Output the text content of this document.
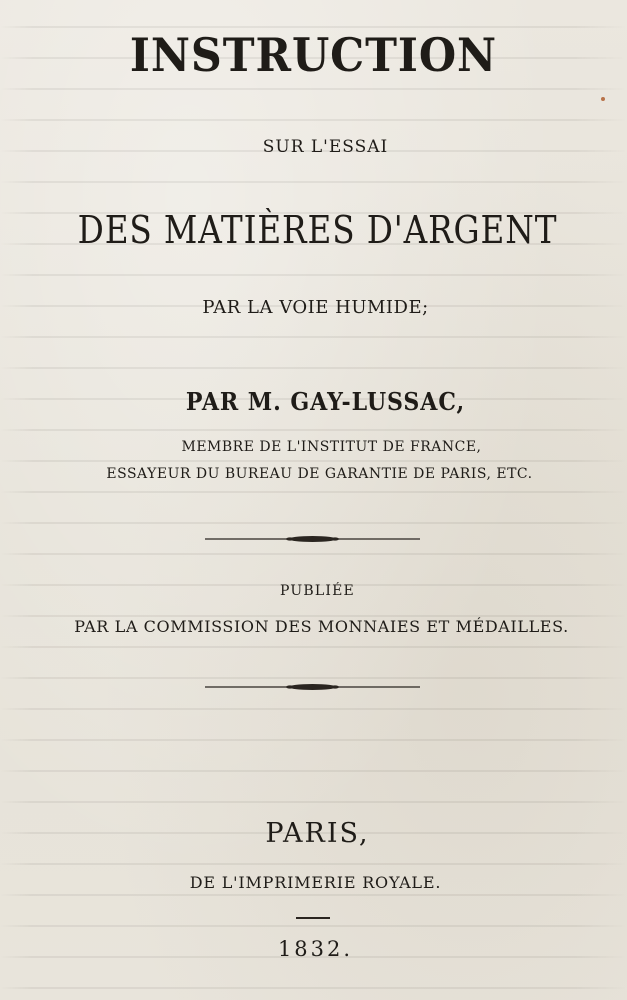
INSTRUCTION
SUR L'ESSAI
DES MATIÈRES D'ARGENT
PAR LA VOIE HUMIDE;
PAR M. GAY-LUSSAC,
MEMBRE DE L'INSTITUT DE FRANCE,
ESSAYEUR DU BUREAU DE GARANTIE DE PARIS, ETC.
PUBLIÉE
PAR LA COMMISSION DES MONNAIES ET MÉDAILLES.
PARIS,
DE L'IMPRIMERIE ROYALE.
1832.
